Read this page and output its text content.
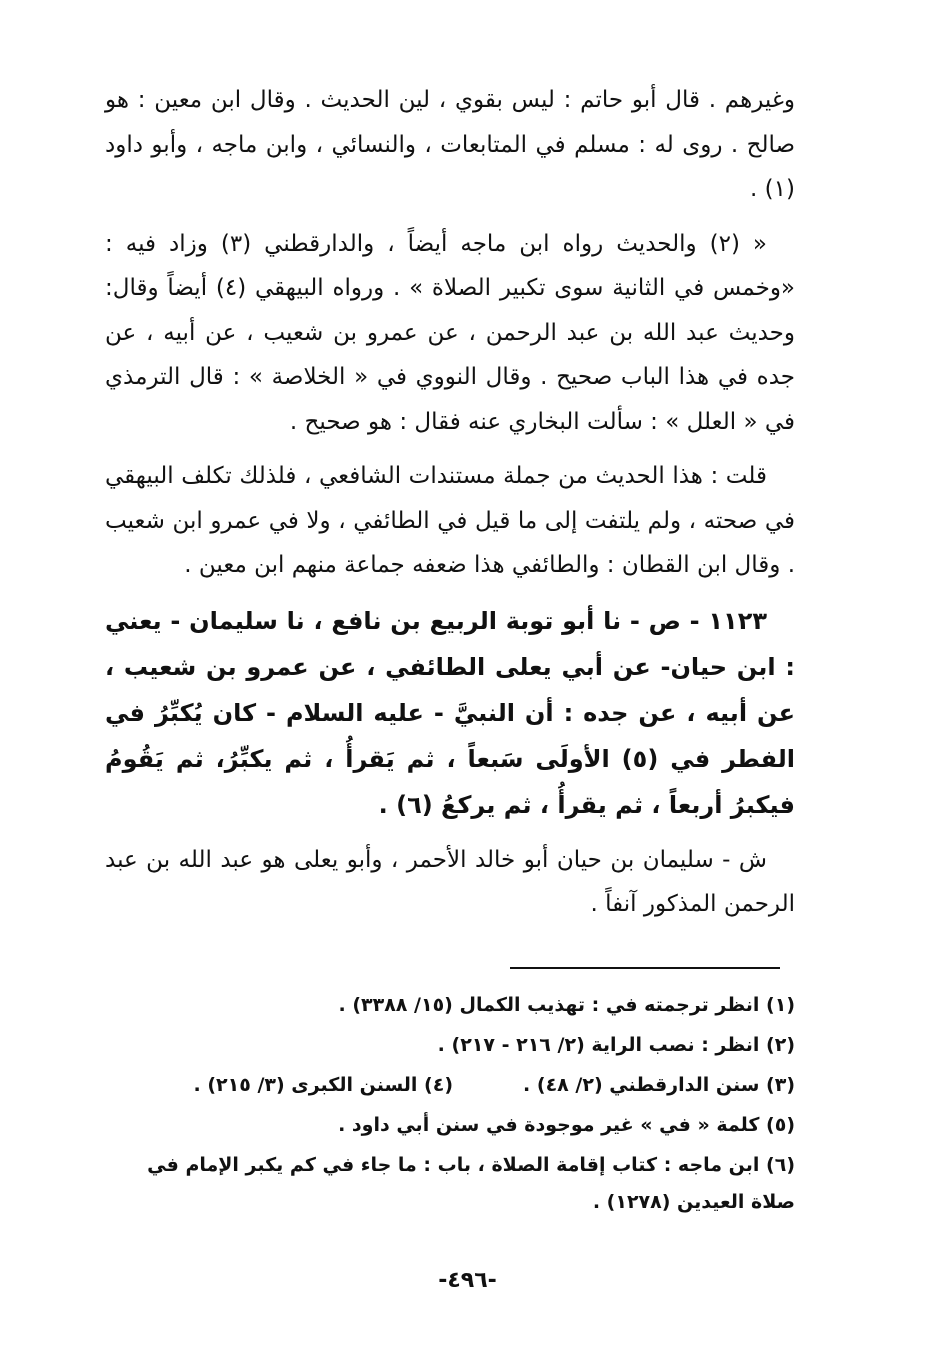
وغيرهم . قال أبو حاتم : ليس بقوي ، لين الحديث . وقال ابن معين : هو صالح . روى له : مسلم في المتابعات ، والنسائي ، وابن ماجه ، وأبو داود (١) .

« (٢) والحديث رواه ابن ماجه أيضاً ، والدارقطني (٣) وزاد فيه : «وخمس في الثانية سوى تكبير الصلاة » . ورواه البيهقي (٤) أيضاً وقال: وحديث عبد الله بن عبد الرحمن ، عن عمرو بن شعيب ، عن أبيه ، عن جده في هذا الباب صحيح . وقال النووي في « الخلاصة » : قال الترمذي في « العلل » : سألت البخاري عنه فقال : هو صحيح .

قلت : هذا الحديث من جملة مستندات الشافعي ، فلذلك تكلف البيهقي في صحته ، ولم يلتفت إلى ما قيل في الطائفي ، ولا في عمرو ابن شعيب . وقال ابن القطان : والطائفي هذا ضعفه جماعة منهم ابن معين .

١١٢٣ - ص - نا أبو توبة الربيع بن نافع ، نا سليمان - يعني : ابن حيان- عن أبي يعلى الطائفي ، عن عمرو بن شعيب ، عن أبيه ، عن جده : أن النبيَّ - عليه السلام - كان يُكبِّرُ في الفطر في (٥) الأولَى سَبعاً ، ثم يَقرأُ ، ثم يكبِّرُ، ثم يَقُومُ فيكبرُ أربعاً ، ثم يقرأُ ، ثم يركعُ (٦) .

ش - سليمان بن حيان أبو خالد الأحمر ، وأبو يعلى هو عبد الله بن عبد الرحمن المذكور آنفاً .

(١) انظر ترجمته في : تهذيب الكمال (١٥/ ٣٣٨٨) .
(٢) انظر : نصب الراية (٢/ ٢١٦ - ٢١٧) .
(٣) سنن الدارقطني (٢/ ٤٨) .
(٤) السنن الكبرى (٣/ ٢١٥) .
(٥) كلمة « في » غير موجودة في سنن أبي داود .
(٦) ابن ماجه : كتاب إقامة الصلاة ، باب : ما جاء في كم يكبر الإمام في صلاة العيدين (١٢٧٨) .
-٤٩٦-
